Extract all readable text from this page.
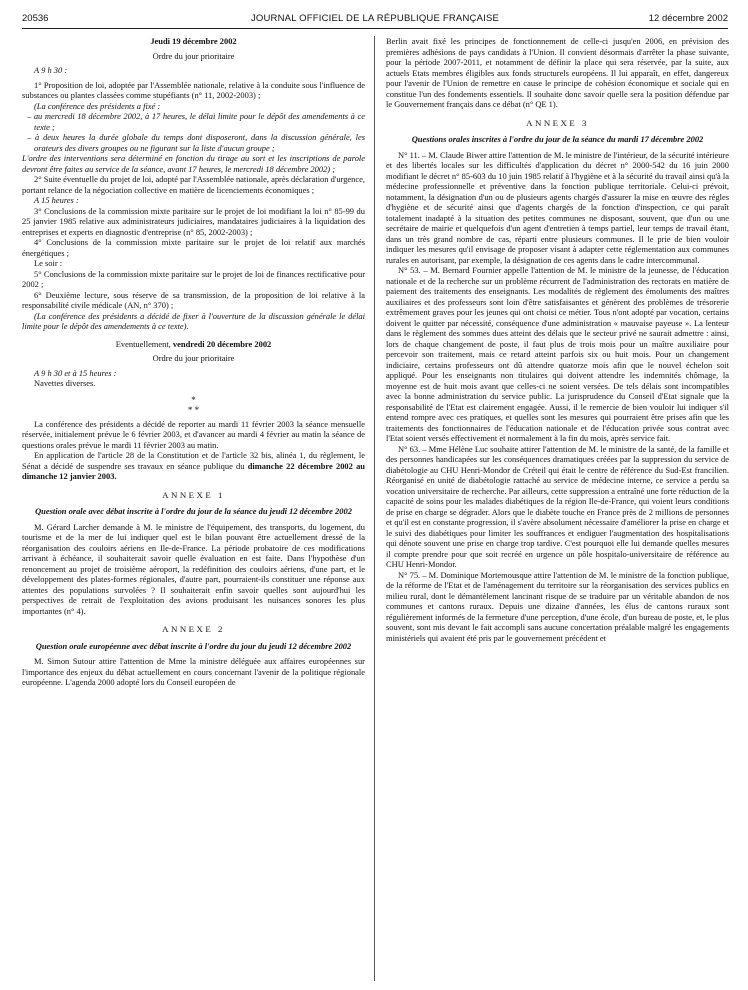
20536	JOURNAL OFFICIEL DE LA RÉPUBLIQUE FRANÇAISE	12 décembre 2002

Jeudi 19 décembre 2002

Ordre du jour prioritaire

A 9 h 30 :

1° Proposition de loi, adoptée par l'Assemblée nationale, relative à la conduite sous l'influence de substances ou plantes classées comme stupéfiants (n° 11, 2002-2003) ;

(La conférence des présidents a fixé :

– au mercredi 18 décembre 2002, à 17 heures, le délai limite pour le dépôt des amendements à ce texte ;

– à deux heures la durée globale du temps dont disposeront, dans la discussion générale, les orateurs des divers groupes ou ne figurant sur la liste d'aucun groupe ;

L'ordre des interventions sera déterminé en fonction du tirage au sort et les inscriptions de parole devront être faites au service de la séance, avant 17 heures, le mercredi 18 décembre 2002) ;

2° Suite éventuelle du projet de loi, adopté par l'Assemblée nationale, après déclaration d'urgence, portant relance de la négociation collective en matière de licenciements économiques ;

A 15 heures :

3° Conclusions de la commission mixte paritaire sur le projet de loi modifiant la loi n° 85-99 du 25 janvier 1985 relative aux administrateurs judiciaires, mandataires judiciaires à la liquidation des entreprises et experts en diagnostic d'entreprise (n° 85, 2002-2003) ;

4° Conclusions de la commission mixte paritaire sur le projet de loi relatif aux marchés énergétiques ;

Le soir :

5° Conclusions de la commission mixte paritaire sur le projet de loi de finances rectificative pour 2002 ;

6° Deuxième lecture, sous réserve de sa transmission, de la proposition de loi relative à la responsabilité civile médicale (AN, n° 370) ;

(La conférence des présidents a décidé de fixer à l'ouverture de la discussion générale le délai limite pour le dépôt des amendements à ce texte).

Eventuellement, vendredi 20 décembre 2002

Ordre du jour prioritaire

A 9 h 30 et à 15 heures :

Navettes diverses.

*
* *

La conférence des présidents a décidé de reporter au mardi 11 février 2003 la séance mensuelle réservée, initialement prévue le 6 février 2003, et d'avancer au mardi 4 février au matin la séance de questions orales prévue le mardi 11 février 2003 au matin.

En application de l'article 28 de la Constitution et de l'article 32 bis, alinéa 1, du règlement, le Sénat a décidé de suspendre ses travaux en séance publique du dimanche 22 décembre 2002 au dimanche 12 janvier 2003.

ANNEXE 1

Question orale avec débat inscrite à l'ordre du jour de la séance du jeudi 12 décembre 2002

M. Gérard Larcher demande à M. le ministre de l'équipement, des transports, du logement, du tourisme et de la mer de lui indiquer quel est le bilan pouvant être actuellement dressé de la réorganisation des couloirs aériens en Ile-de-France. La période probatoire de ces modifications arrivant à échéance, il souhaiterait savoir quelle évaluation en est faite. Dans l'hypothèse d'un renoncement au projet de troisième aéroport, la redéfinition des couloirs aériens, d'une part, et le développement des plates-formes régionales, d'autre part, pourraient-ils constituer une réponse aux attentes des populations survolées ? Il souhaiterait enfin savoir quelles sont aujourd'hui les perspectives de retrait de l'exploitation des avions produisant les nuisances sonores les plus importantes (n° 4).

ANNEXE 2

Question orale européenne avec débat inscrite à l'ordre du jour du jeudi 12 décembre 2002

M. Simon Sutour attire l'attention de Mme la ministre déléguée aux affaires européennes sur l'importance des enjeux du débat actuellement en cours concernant l'avenir de la politique régionale européenne. L'agenda 2000 adopté lors du Conseil européen de

Berlin avait fixé les principes de fonctionnement de celle-ci jusqu'en 2006, en prévision des premières adhésions de pays candidats à l'Union. Il convient désormais d'arrêter la phase suivante, pour la période 2007-2011, et notamment de définir la place qui sera réservée, par la suite, aux actuels Etats membres éligibles aux fonds structurels européens. Il lui apparaît, en effet, dangereux pour l'avenir de l'Union de remettre en cause le principe de cohésion économique et sociale qui en constitue l'un des fondements essentiels. Il souhaite donc savoir quelle sera la position défendue par le Gouvernement français dans ce débat (n° QE 1).

ANNEXE 3

Questions orales inscrites à l'ordre du jour de la séance du mardi 17 décembre 2002

N° 11. – M. Claude Biwer attire l'attention de M. le ministre de l'intérieur, de la sécurité intérieure et des libertés locales sur les difficultés d'application du décret n° 2000-542 du 16 juin 2000 modifiant le décret n° 85-603 du 10 juin 1985 relatif à l'hygiène et à la sécurité du travail ainsi qu'à la médecine professionnelle et préventive dans la fonction publique territoriale. Celui-ci prévoit, notamment, la désignation d'un ou de plusieurs agents chargés d'assurer la mise en œuvre des règles d'hygiène et de sécurité ainsi que d'agents chargés de la fonction d'inspection, ce qui paraît totalement inadapté à la situation des petites communes ne disposant, souvent, que d'un ou une secrétaire de mairie et quelquefois d'un agent d'entretien à temps partiel, leur temps de travail étant, dans un très grand nombre de cas, réparti entre plusieurs communes. Il le prie de bien vouloir indiquer les mesures qu'il envisage de proposer visant à adapter cette réglementation aux communes rurales en autorisant, par exemple, la désignation de ces agents dans le cadre intercommunal.

N° 53. – M. Bernard Fournier appelle l'attention de M. le ministre de la jeunesse, de l'éducation nationale et de la recherche sur un problème récurrent de l'administration des rectorats en matière de paiement des traitements des enseignants. Les modalités de règlement des émoluments des maîtres auxiliaires et des professeurs sont loin d'être satisfaisantes et génèrent des problèmes de trésorerie extrêmement graves pour les jeunes qui ont choisi ce métier. Tous n'ont adopté par vocation, certains doivent le quitter par nécessité, conséquence d'une administration « mauvaise payeuse ». La lenteur dans le règlement des sommes dues atteint des délais que le secteur privé ne saurait admettre : ainsi, lors de chaque changement de poste, il faut plus de trois mois pour un maître auxiliaire pour percevoir son traitement, mais ce retard atteint parfois six ou huit mois. Pour un changement indiciaire, certains professeurs ont dû attendre quatorze mois afin que le nouvel échelon soit appliqué. Pour les enseignants non titulaires qui doivent attendre les indemnités chômage, la moyenne est de huit mois avant que celles-ci ne soient versées. De tels délais sont incompatibles avec la bonne administration du service public. La jurisprudence du Conseil d'Etat signale que la responsabilité de l'Etat est clairement engagée. Aussi, il le remercie de bien vouloir lui indiquer s'il entend rompre avec ces pratiques, et quelles sont les mesures qui pourraient être prises afin que les traitements des fonctionnaires de l'éducation nationale et de l'éducation privée sous contrat avec l'Etat soient versés effectivement et normalement à la fin du mois, après service fait.

N° 63. – Mme Hélène Luc souhaite attirer l'attention de M. le ministre de la santé, de la famille et des personnes handicapées sur les conséquences dramatiques créées par la suppression du service de diabétologie au CHU Henri-Mondor de Créteil qui était le centre de référence du Sud-Est francilien. Réorganisé en unité de diabétologie rattaché au service de médecine interne, ce service a perdu sa vocation universitaire de recherche. Par ailleurs, cette suppression a entraîné une forte réduction de la capacité de soins pour les malades diabétiques de la région Ile-de-France, qui voient leurs conditions de prise en charge se dégrader. Alors que le diabète touche en France près de 2 millions de personnes et qu'il est en constante progression, il s'avère absolument nécessaire d'améliorer la prise en charge et le suivi des diabétiques pour limiter les souffrances et endiguer l'augmentation des hospitalisations qui dénote souvent une prise en charge trop tardive. C'est pourquoi elle lui demande quelles mesures il compte prendre pour que soit recréé en urgence un pôle hospitalo-universitaire de référence au CHU Henri-Mondor.

N° 75. – M. Dominique Mortemousque attire l'attention de M. le ministre de la fonction publique, de la réforme de l'Etat et de l'aménagement du territoire sur la réorganisation des services publics en milieu rural, dont le démantèlement lancinant risque de se traduire par un véritable abandon de nos communes et cantons ruraux. Depuis une dizaine d'années, les élus de cantons ruraux sont régulièrement informés de la fermeture d'une perception, d'une école, d'un bureau de poste, et, le plus souvent, sont mis devant le fait accompli sans aucune concertation préalable malgré les engagements ministériels qui avaient été pris par le gouvernement précédent et
